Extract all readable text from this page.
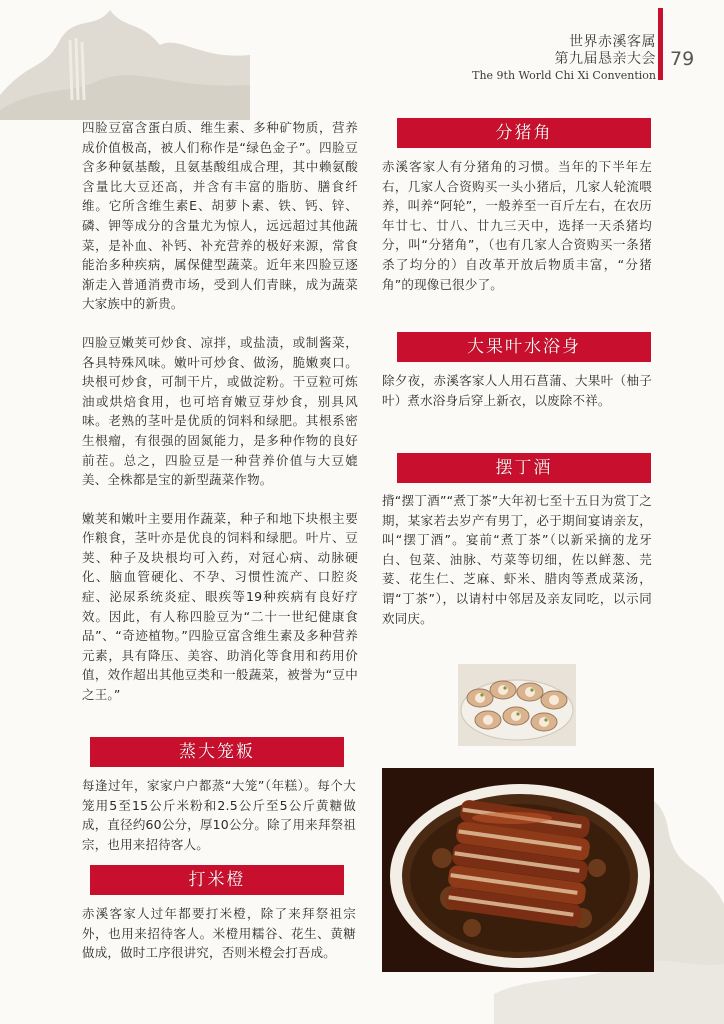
世界赤溪客属
第九届恳亲大会
The 9th World Chi Xi Convention
79

四脸豆富含蛋白质、维生素、多种矿物质，营养成价值极高，被人们称作是“绿色金子”。四脸豆含多种氨基酸，且氨基酸组成合理，其中赖氨酸含量比大豆还高，并含有丰富的脂肪、膳食纤维。它所含维生素E、胡萝卜素、铁、钙、锌、磷、钾等成分的含量尤为惊人，远远超过其他蔬菜，是补血、补钙、补充营养的极好来源，常食能治多种疾病，属保健型蔬菜。近年来四脸豆逐渐走入普通消费市场，受到人们青睐，成为蔬菜大家族中的新贵。

四脸豆嫩荚可炒食、凉拌，或盐渍，或制酱菜，各具特殊风味。嫩叶可炒食、做汤，脆嫩爽口。块根可炒食，可制干片，或做淀粉。干豆粒可炼油或烘焙食用，也可培育嫩豆芽炒食，别具风味。老熟的茎叶是优质的饲料和绿肥。其根系密生根瘤，有很强的固氮能力，是多种作物的良好前茬。总之，四脸豆是一种营养价值与大豆媲美、全株都是宝的新型蔬菜作物。

嫩荚和嫩叶主要用作蔬菜，种子和地下块根主要作粮食，茎叶亦是优良的饲料和绿肥。叶片、豆荚、种子及块根均可入药，对冠心病、动脉硬化、脑血管硬化、不孕、习惯性流产、口腔炎症、泌尿系统炎症、眼疾等19种疾病有良好疗效。因此，有人称四脸豆为“二十一世纪健康食品”、“奇迹植物。”四脸豆富含维生素及多种营养元素，具有降压、美容、助消化等食用和药用价值，效作超出其他豆类和一般蔬菜，被誉为“豆中之王。”

蒸大笼粄

每逢过年，家家户户都蒸“大笼”（年糕）。每个大笼用5至15公斤米粉和2.5公斤至5公斤黄糖做成，直径约60公分，厚10公分。除了用来拜祭祖宗，也用来招待客人。

打米橙

赤溪客家人过年都要打米橙，除了来拜祭祖宗外，也用来招待客人。米橙用糯谷、花生、黄糖做成，做时工序很讲究，否则米橙会打吾成。

分猪角

赤溪客家人有分猪角的习惯。当年的下半年左右，几家人合资购买一头小猪后，几家人轮流喂养，叫养“阿轮”，一般养至一百斤左右，在农历年廿七、廿八、廿九三天中，选择一天杀猪均分，叫“分猪角”，（也有几家人合资购买一条猪杀了均分的）自改革开放后物质丰富，“分猪角”的现像已很少了。

大果叶水浴身

除夕夜，赤溪客家人人用石菖蒲、大果叶（柚子叶）煮水浴身后穿上新衣，以废除不祥。

摆丁酒

揹“摆丁酒”“煮丁茶”大年初七至十五日为赏丁之期，某家若去岁产有男丁，必于期间宴请亲友，叫“摆丁酒”。宴前“煮丁茶”（以新采摘的龙牙白、包菜、油脉、芍菜等切细，佐以鲜葱、芫荽、花生仁、芝麻、虾米、腊肉等煮成菜汤，谓“丁茶”），以请村中邻居及亲友同吃，以示同欢同庆。
